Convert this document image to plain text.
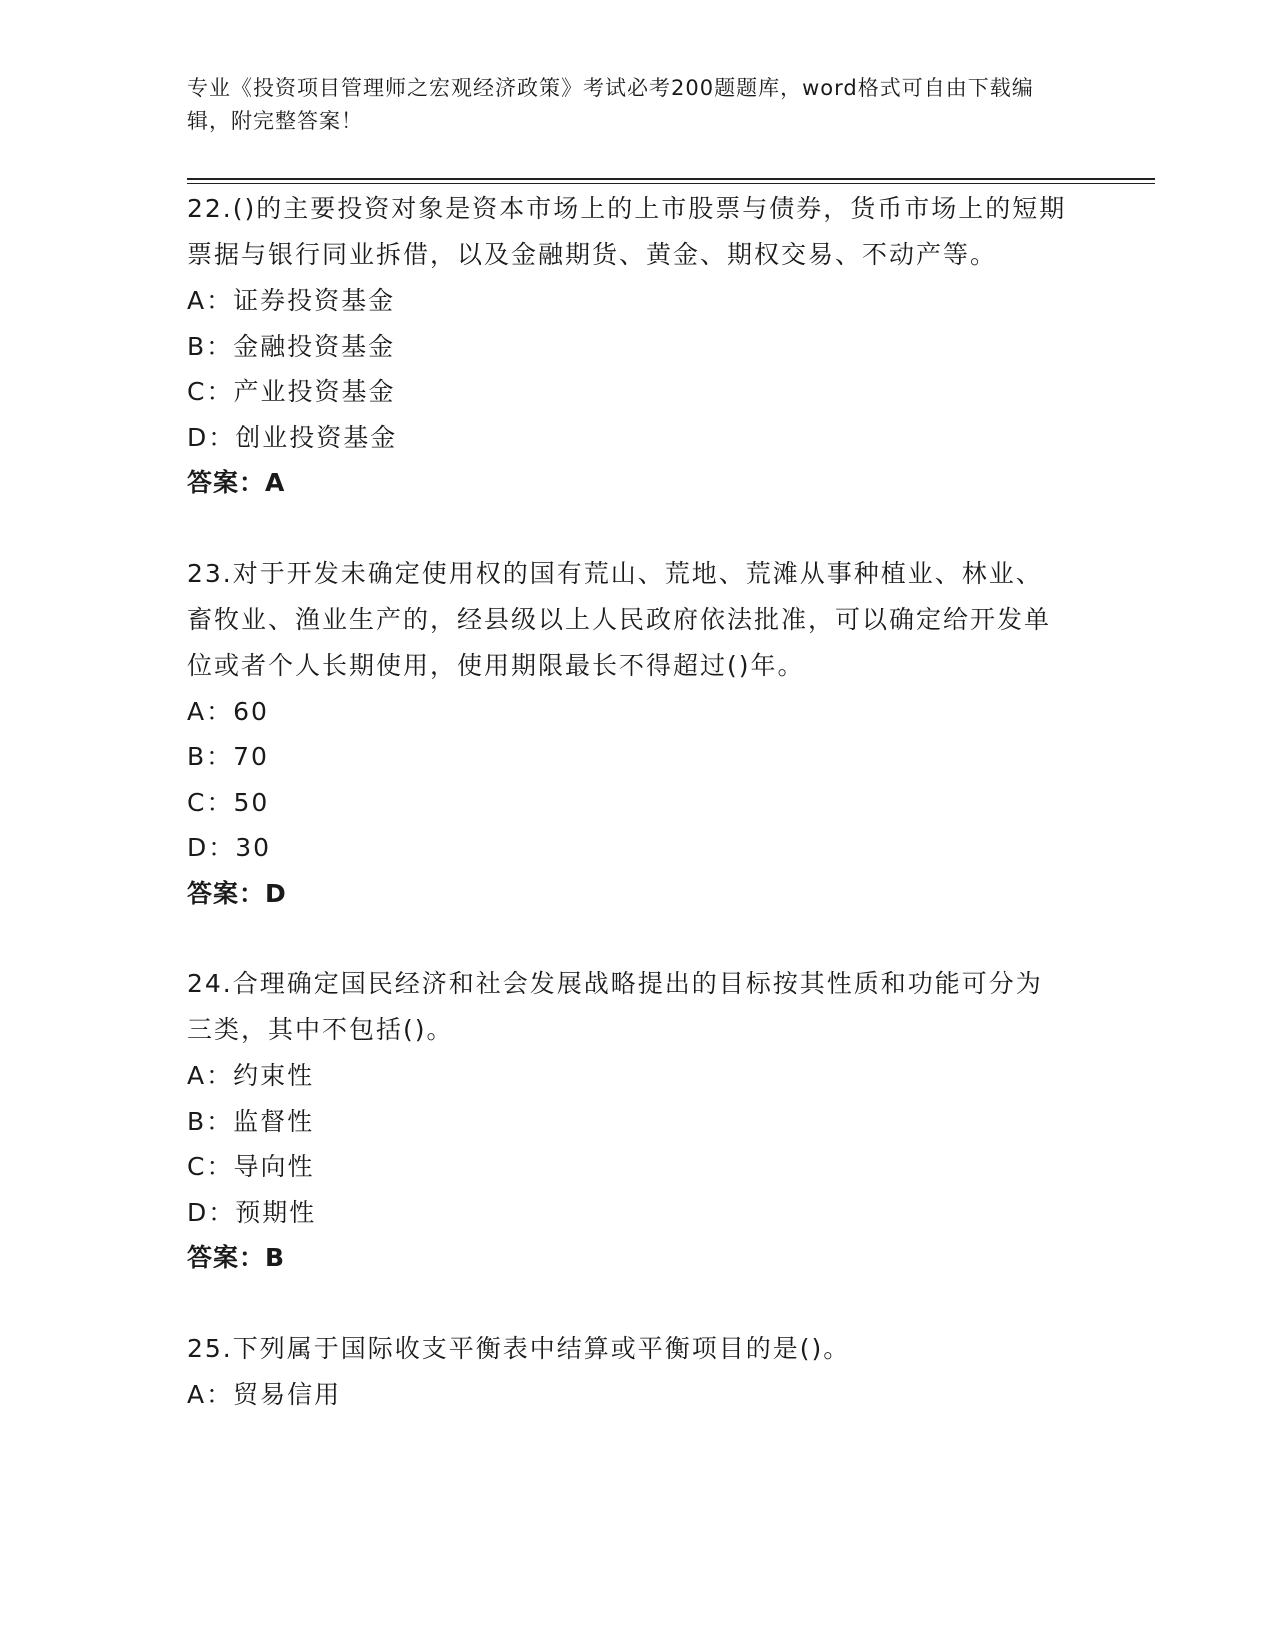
专业《投资项目管理师之宏观经济政策》考试必考200题题库，word格式可自由下载编辑，附完整答案！

22.()的主要投资对象是资本市场上的上市股票与债券，货币市场上的短期票据与银行同业拆借，以及金融期货、黄金、期权交易、不动产等。

A：证券投资基金

B：金融投资基金

C：产业投资基金

D：创业投资基金

答案：A

23.对于开发未确定使用权的国有荒山、荒地、荒滩从事种植业、林业、畜牧业、渔业生产的，经县级以上人民政府依法批准，可以确定给开发单位或者个人长期使用，使用期限最长不得超过()年。

A：60

B：70

C：50

D：30

答案：D

24.合理确定国民经济和社会发展战略提出的目标按其性质和功能可分为三类，其中不包括()。

A：约束性

B：监督性

C：导向性

D：预期性

答案：B

25.下列属于国际收支平衡表中结算或平衡项目的是()。

A：贸易信用
